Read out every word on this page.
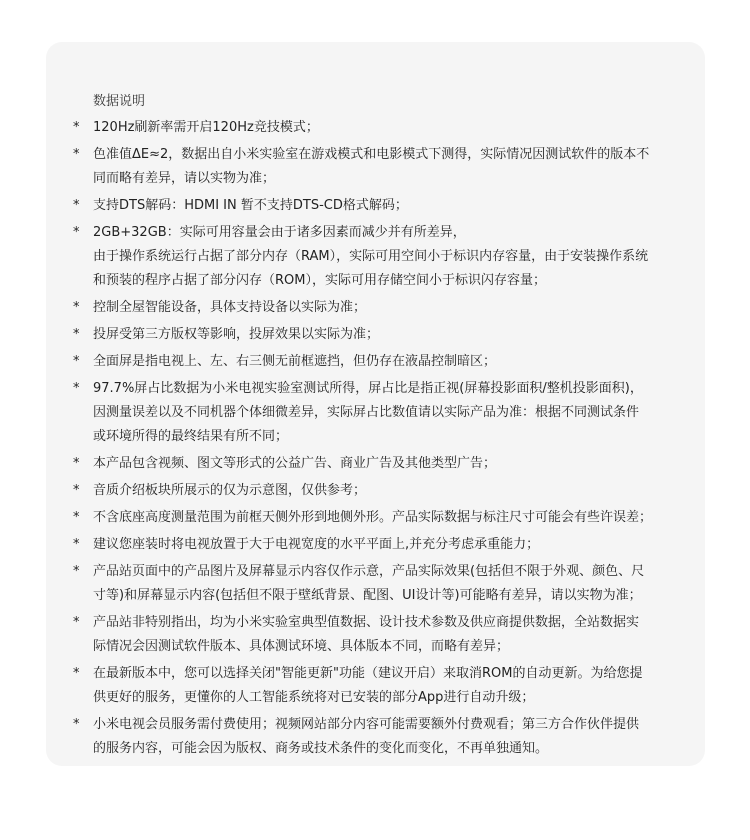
数据说明
* 120Hz刷新率需开启120Hz竞技模式；
* 色准值ΔE≈2，数据出自小米实验室在游戏模式和电影模式下测得，实际情况因测试软件的版本不
同而略有差异，请以实物为准；
* 支持DTS解码：HDMI IN 暂不支持DTS-CD格式解码；
* 2GB+32GB：实际可用容量会由于诸多因素而减少并有所差异，
由于操作系统运行占据了部分内存（RAM），实际可用空间小于标识内存容量，由于安装操作系统
和预装的程序占据了部分闪存（ROM），实际可用存储空间小于标识闪存容量；
* 控制全屋智能设备，具体支持设备以实际为准；
* 投屏受第三方版权等影响，投屏效果以实际为准；
* 全面屏是指电视上、左、右三侧无前框遮挡，但仍存在液晶控制暗区；
* 97.7%屏占比数据为小米电视实验室测试所得，屏占比是指正视(屏幕投影面积/整机投影面积)，
因测量误差以及不同机器个体细微差异，实际屏占比数值请以实际产品为准：根据不同测试条件
或环境所得的最终结果有所不同；
* 本产品包含视频、图文等形式的公益广告、商业广告及其他类型广告；
* 音质介绍板块所展示的仅为示意图，仅供参考；
* 不含底座高度测量范围为前框天侧外形到地侧外形。产品实际数据与标注尺寸可能会有些许误差；
* 建议您座装时将电视放置于大于电视宽度的水平平面上,并充分考虑承重能力；
* 产品站页面中的产品图片及屏幕显示内容仅作示意，产品实际效果(包括但不限于外观、颜色、尺
寸等)和屏幕显示内容(包括但不限于壁纸背景、配图、UI设计等)可能略有差异，请以实物为准；
* 产品站非特别指出，均为小米实验室典型值数据、设计技术参数及供应商提供数据，全站数据实
际情况会因测试软件版本、具体测试环境、具体版本不同，而略有差异；
* 在最新版本中，您可以选择关闭"智能更新"功能（建议开启）来取消ROM的自动更新。为给您提
供更好的服务，更懂你的人工智能系统将对已安装的部分App进行自动升级；
* 小米电视会员服务需付费使用；视频网站部分内容可能需要额外付费观看；第三方合作伙伴提供
的服务内容，可能会因为版权、商务或技术条件的变化而变化，不再单独通知。
